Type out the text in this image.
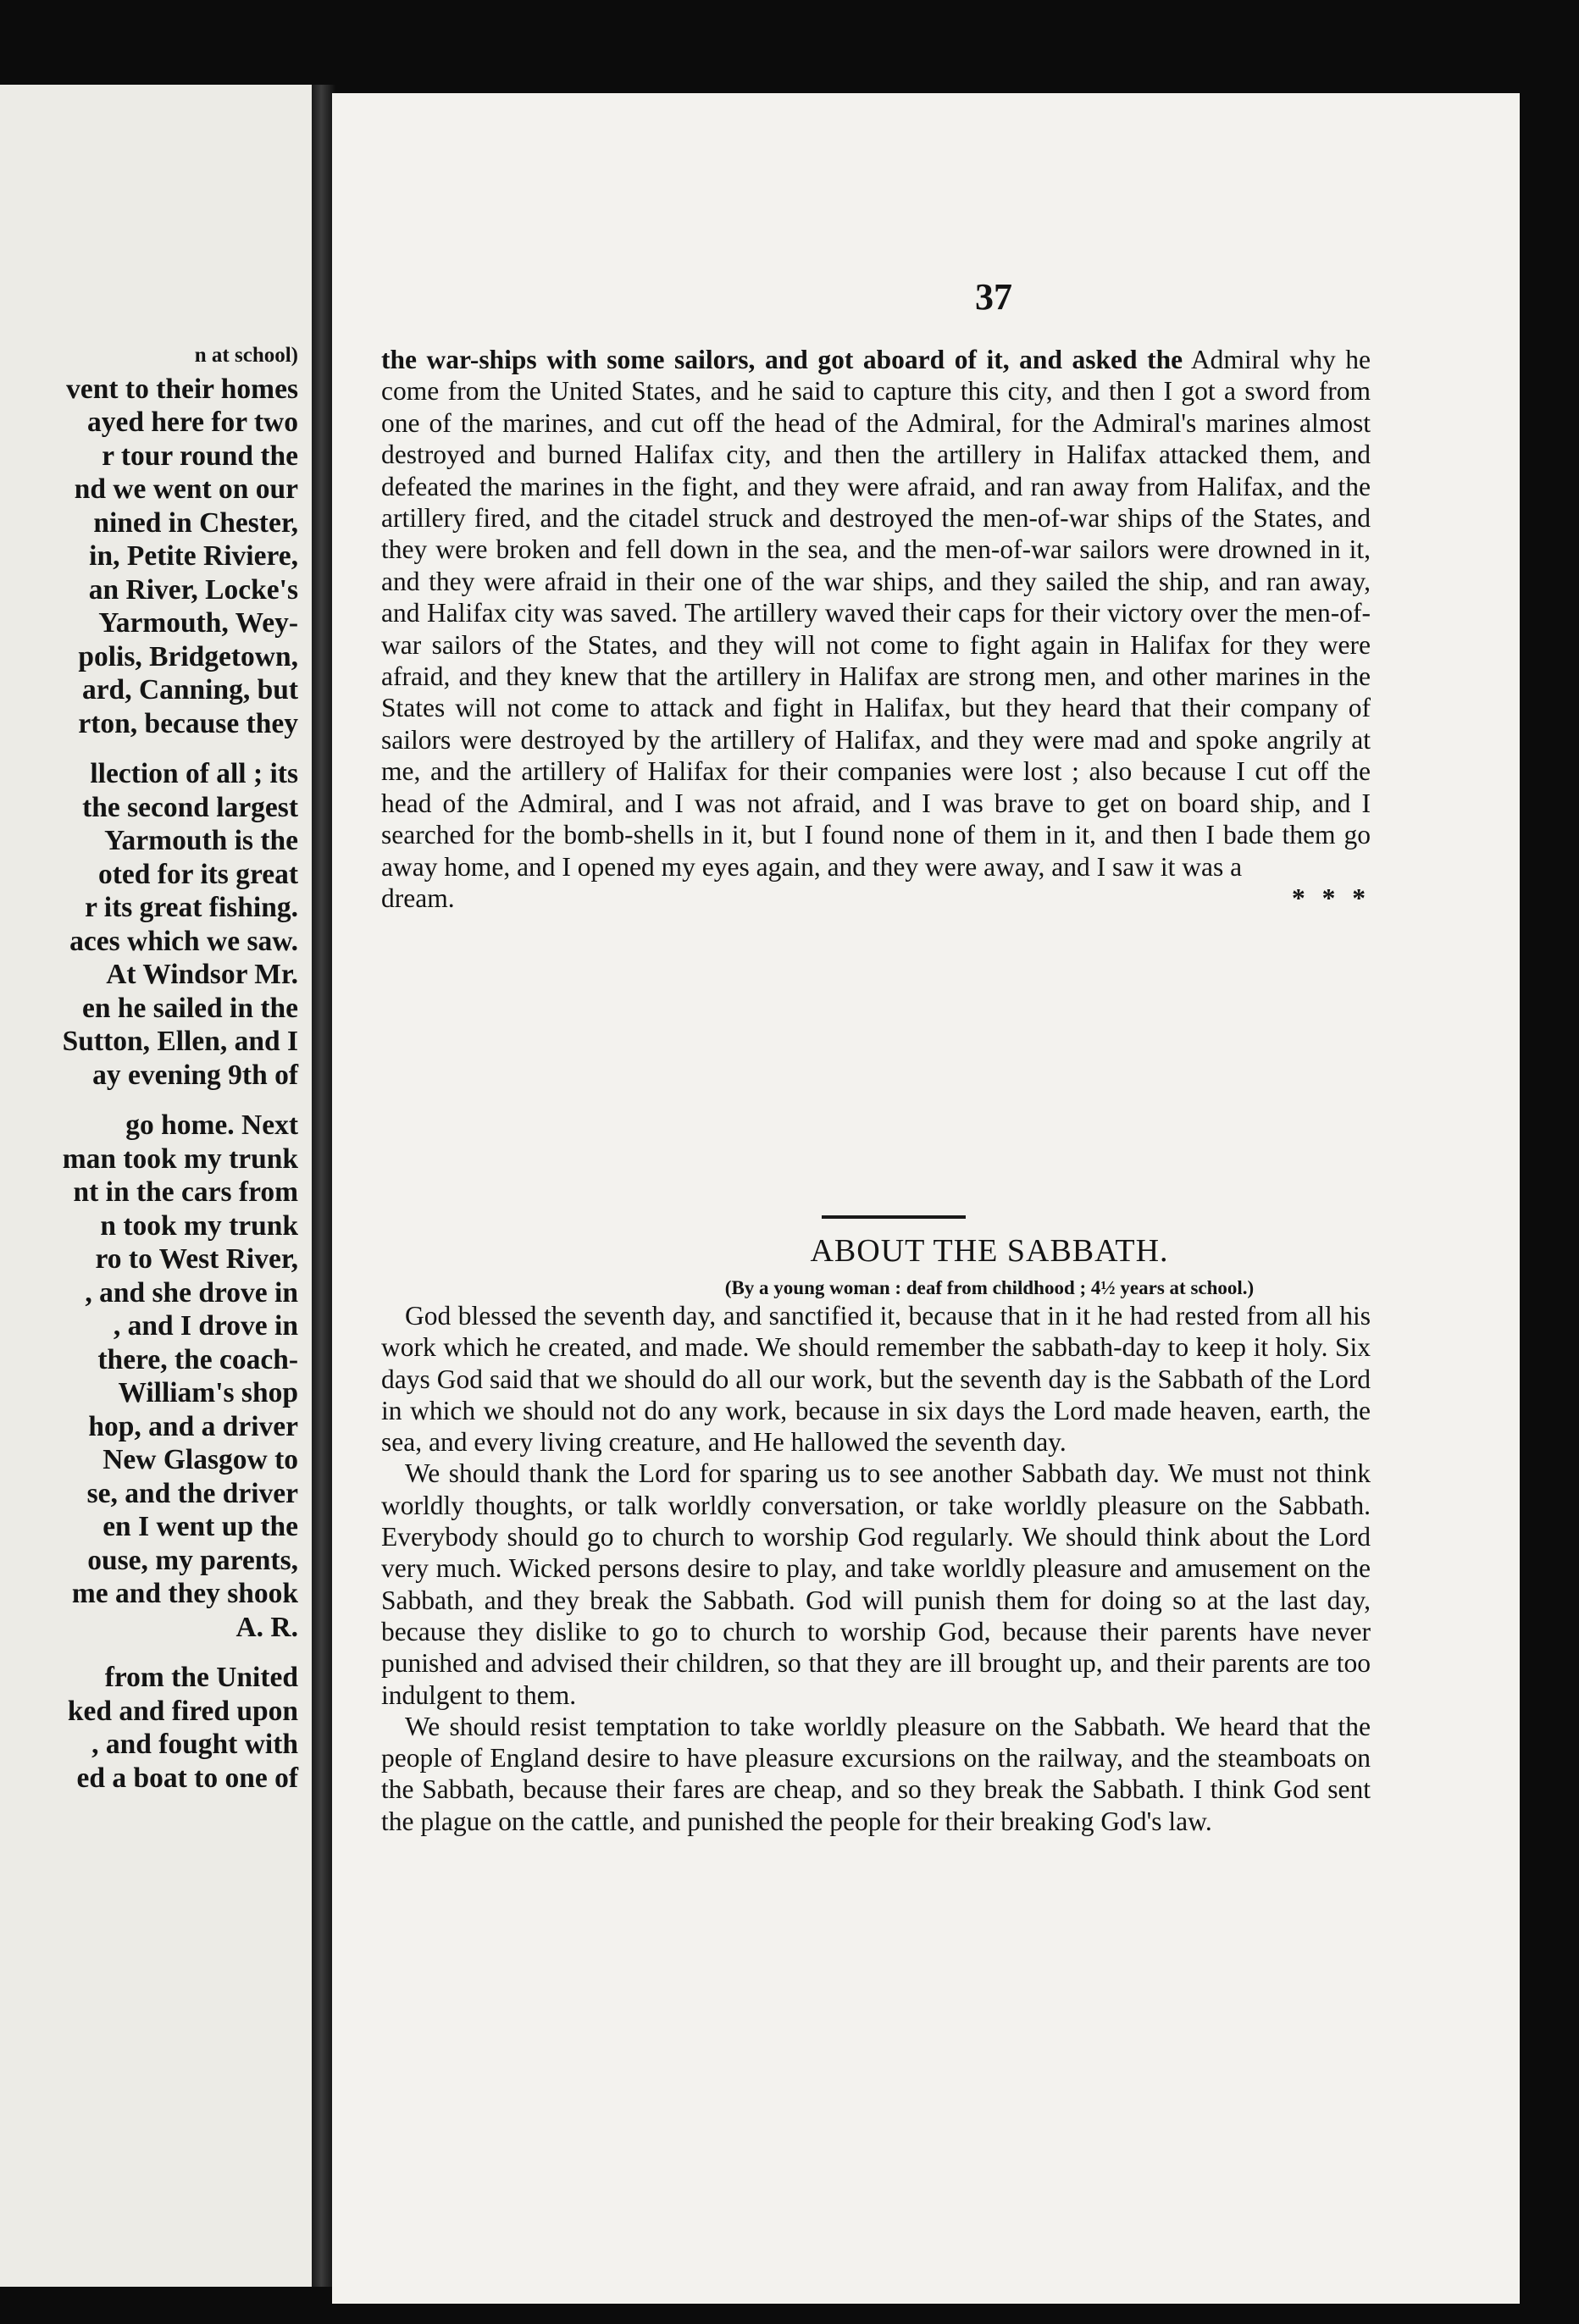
n at school)
vent to their homes
ayed here for two
r tour round the
nd we went on our
nined in Chester,
in, Petite Riviere,
an River, Locke's
Yarmouth, Wey-
polis, Bridgetown,
ard, Canning, but
rton, because they
llection of all ; its
the second largest
Yarmouth is the
oted for its great
r its great fishing.
aces which we saw.
At Windsor Mr.
en he sailed in the
Sutton, Ellen, and I
ay evening 9th of
go home. Next
man took my trunk
nt in the cars from
n took my trunk
ro to West River,
, and she drove in
, and I drove in
there, the coach-
William's shop
hop, and a driver
New Glasgow to
se, and the driver
en I went up the
ouse, my parents,
me and they shook
A. R.
from the United
ked and fired upon
, and fought with
ed a boat to one of
37
the war-ships with some sailors, and got aboard of it, and asked the Admiral why he come from the United States, and he said to capture this city, and then I got a sword from one of the marines, and cut off the head of the Admiral, for the Admiral's marines almost destroyed and burned Halifax city, and then the artillery in Halifax attacked them, and defeated the marines in the fight, and they were afraid, and ran away from Halifax, and the artillery fired, and the citadel struck and destroyed the men-of-war ships of the States, and they were broken and fell down in the sea, and the men-of-war sailors were drowned in it, and they were afraid in their one of the war ships, and they sailed the ship, and ran away, and Halifax city was saved. The artillery waved their caps for their victory over the men-of-war sailors of the States, and they will not come to fight again in Halifax for they were afraid, and they knew that the artillery in Halifax are strong men, and other marines in the States will not come to attack and fight in Halifax, but they heard that their company of sailors were destroyed by the artillery of Halifax, and they were mad and spoke angrily at me, and the artillery of Halifax for their companies were lost ; also because I cut off the head of the Admiral, and I was not afraid, and I was brave to get on board ship, and I searched for the bomb-shells in it, but I found none of them in it, and then I bade them go away home, and I opened my eyes again, and they were away, and I saw it was a
dream.	* * *
ABOUT THE SABBATH.
(By a young woman : deaf from childhood ; 4½ years at school.)

God blessed the seventh day, and sanctified it, because that in it he had rested from all his work which he created, and made. We should remember the sabbath-day to keep it holy. Six days God said that we should do all our work, but the seventh day is the Sabbath of the Lord in which we should not do any work, because in six days the Lord made heaven, earth, the sea, and every living creature, and He hallowed the seventh day.

We should thank the Lord for sparing us to see another Sabbath day. We must not think worldly thoughts, or talk worldly conversation, or take worldly pleasure on the Sabbath. Everybody should go to church to worship God regularly. We should think about the Lord very much. Wicked persons desire to play, and take worldly pleasure and amusement on the Sabbath, and they break the Sabbath. God will punish them for doing so at the last day, because they dislike to go to church to worship God, because their parents have never punished and advised their children, so that they are ill brought up, and their parents are too indulgent to them.

We should resist temptation to take worldly pleasure on the Sabbath. We heard that the people of England desire to have pleasure excursions on the railway, and the steamboats on the Sabbath, because their fares are cheap, and so they break the Sabbath. I think God sent the plague on the cattle, and punished the people for their breaking God's law.
